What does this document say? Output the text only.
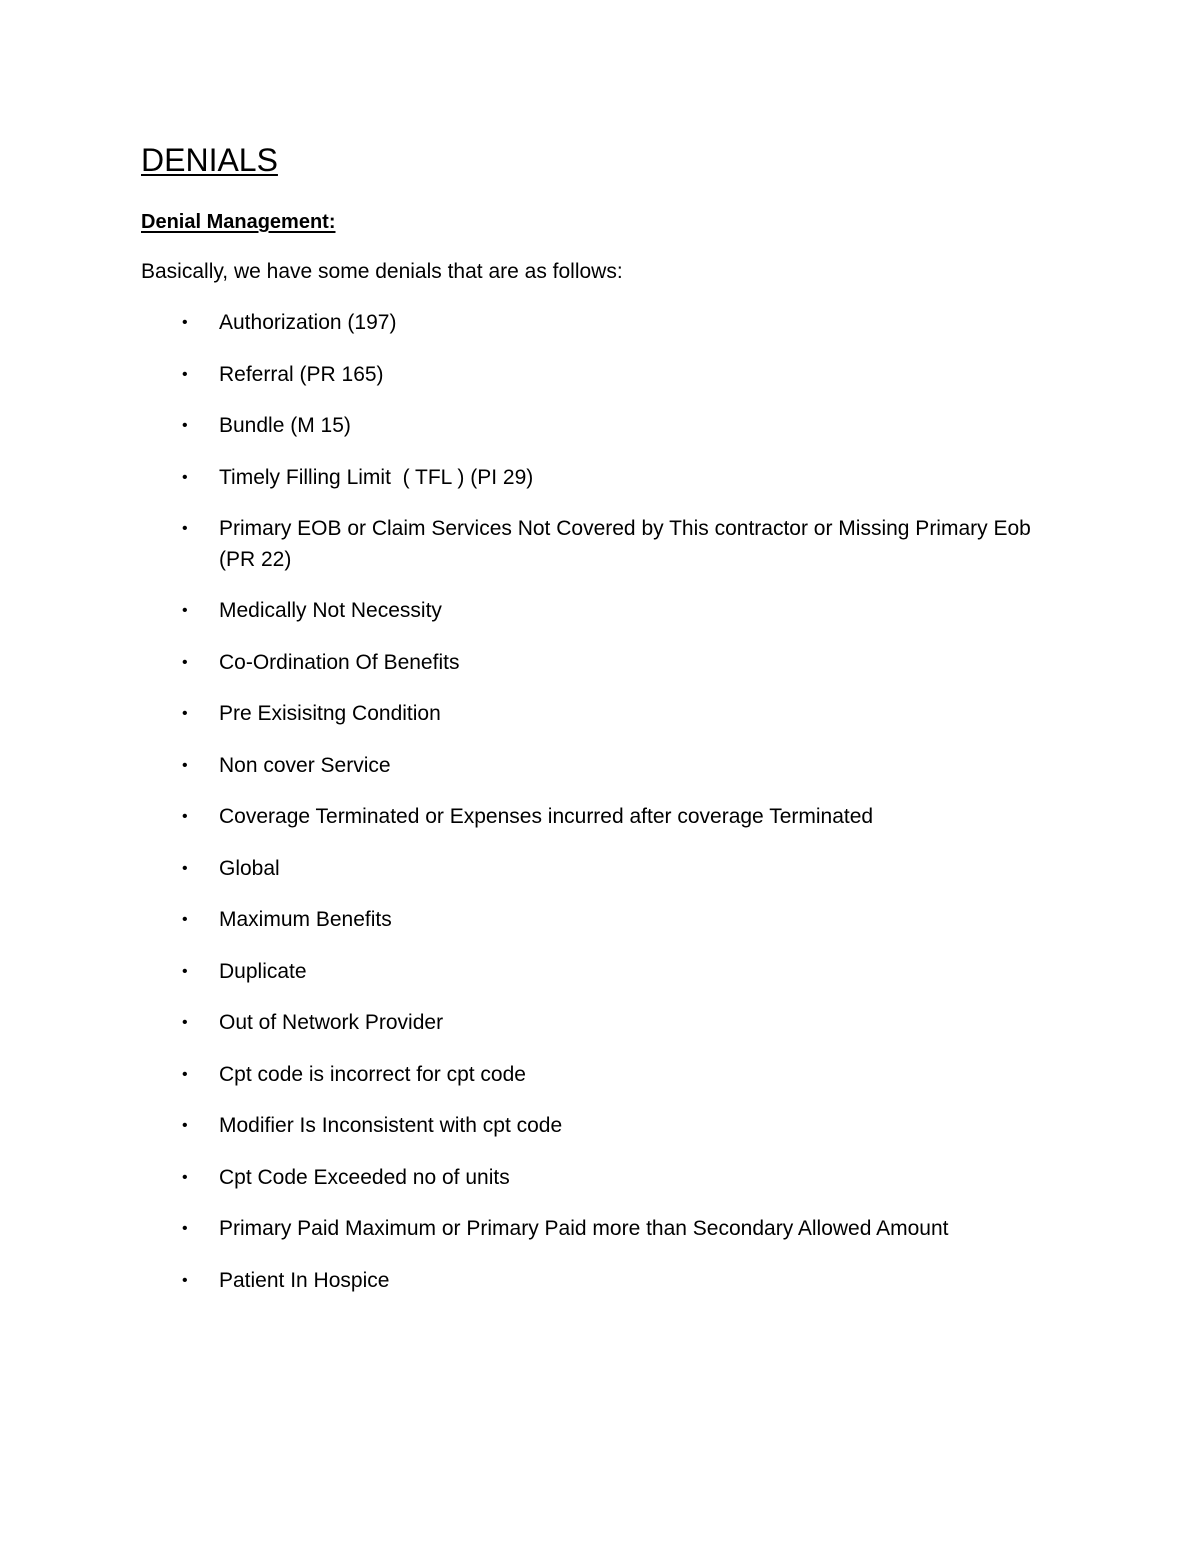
DENIALS
Denial Management:

Basically, we have some denials that are as follows:

• Authorization (197)
• Referral (PR 165)
• Bundle (M 15)
• Timely Filling Limit  ( TFL ) (PI 29)
• Primary EOB or Claim Services Not Covered by This contractor or Missing Primary Eob (PR 22)
• Medically Not Necessity
• Co-Ordination Of Benefits
• Pre Exisisitng Condition
• Non cover Service
• Coverage Terminated or Expenses incurred after coverage Terminated
• Global
• Maximum Benefits
• Duplicate
• Out of Network Provider
• Cpt code is incorrect for cpt code
• Modifier Is Inconsistent with cpt code
• Cpt Code Exceeded no of units
• Primary Paid Maximum or Primary Paid more than Secondary Allowed Amount
• Patient In Hospice
